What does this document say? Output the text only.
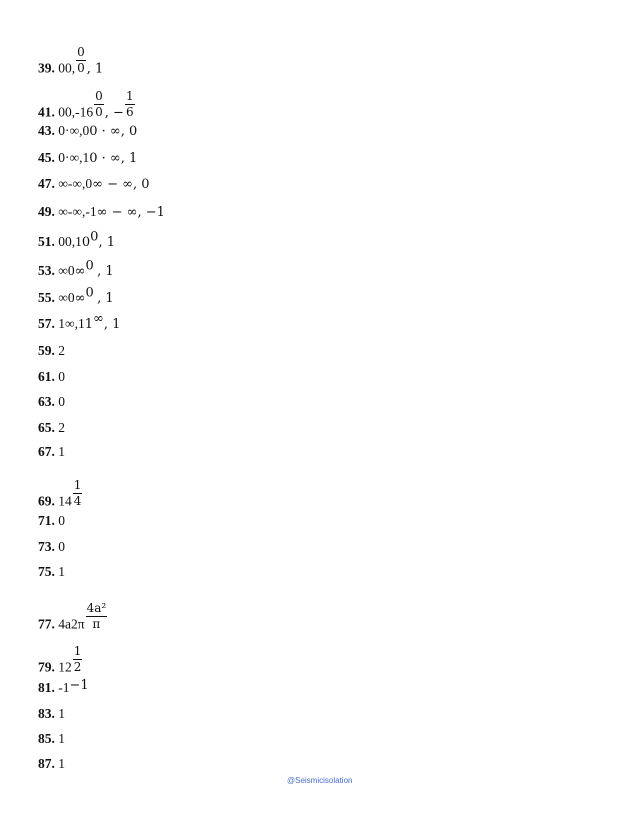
39. 00, $\frac{0}{0}$ , 1
41. $00,-16 \frac{0}{0}$ , − $\frac{1}{6}$
43. 0·∞,00 · ∞, 0
45. 0·∞,10 · ∞, 1
47. ∞-∞,0∞ − ∞, 0
49. ∞-∞,-1∞ − ∞, −1
51. 00,10$^0$, 1
53. ∞0∞$^0$ , 1
55. ∞0∞$^0$ , 1
57. 1∞,11∞, 1
59. 2
61. 0
63. 0
65. 2
67. 1
69. $14 \frac{1}{4}$
71. 0
73. 0
75. 1
77. $4a2\pi \frac{\text{4a²}}{\pi}$
79. $12 \frac{1}{2}$
81. -1−1
83. 1
85. 1
87. 1
@Seismicisolation
